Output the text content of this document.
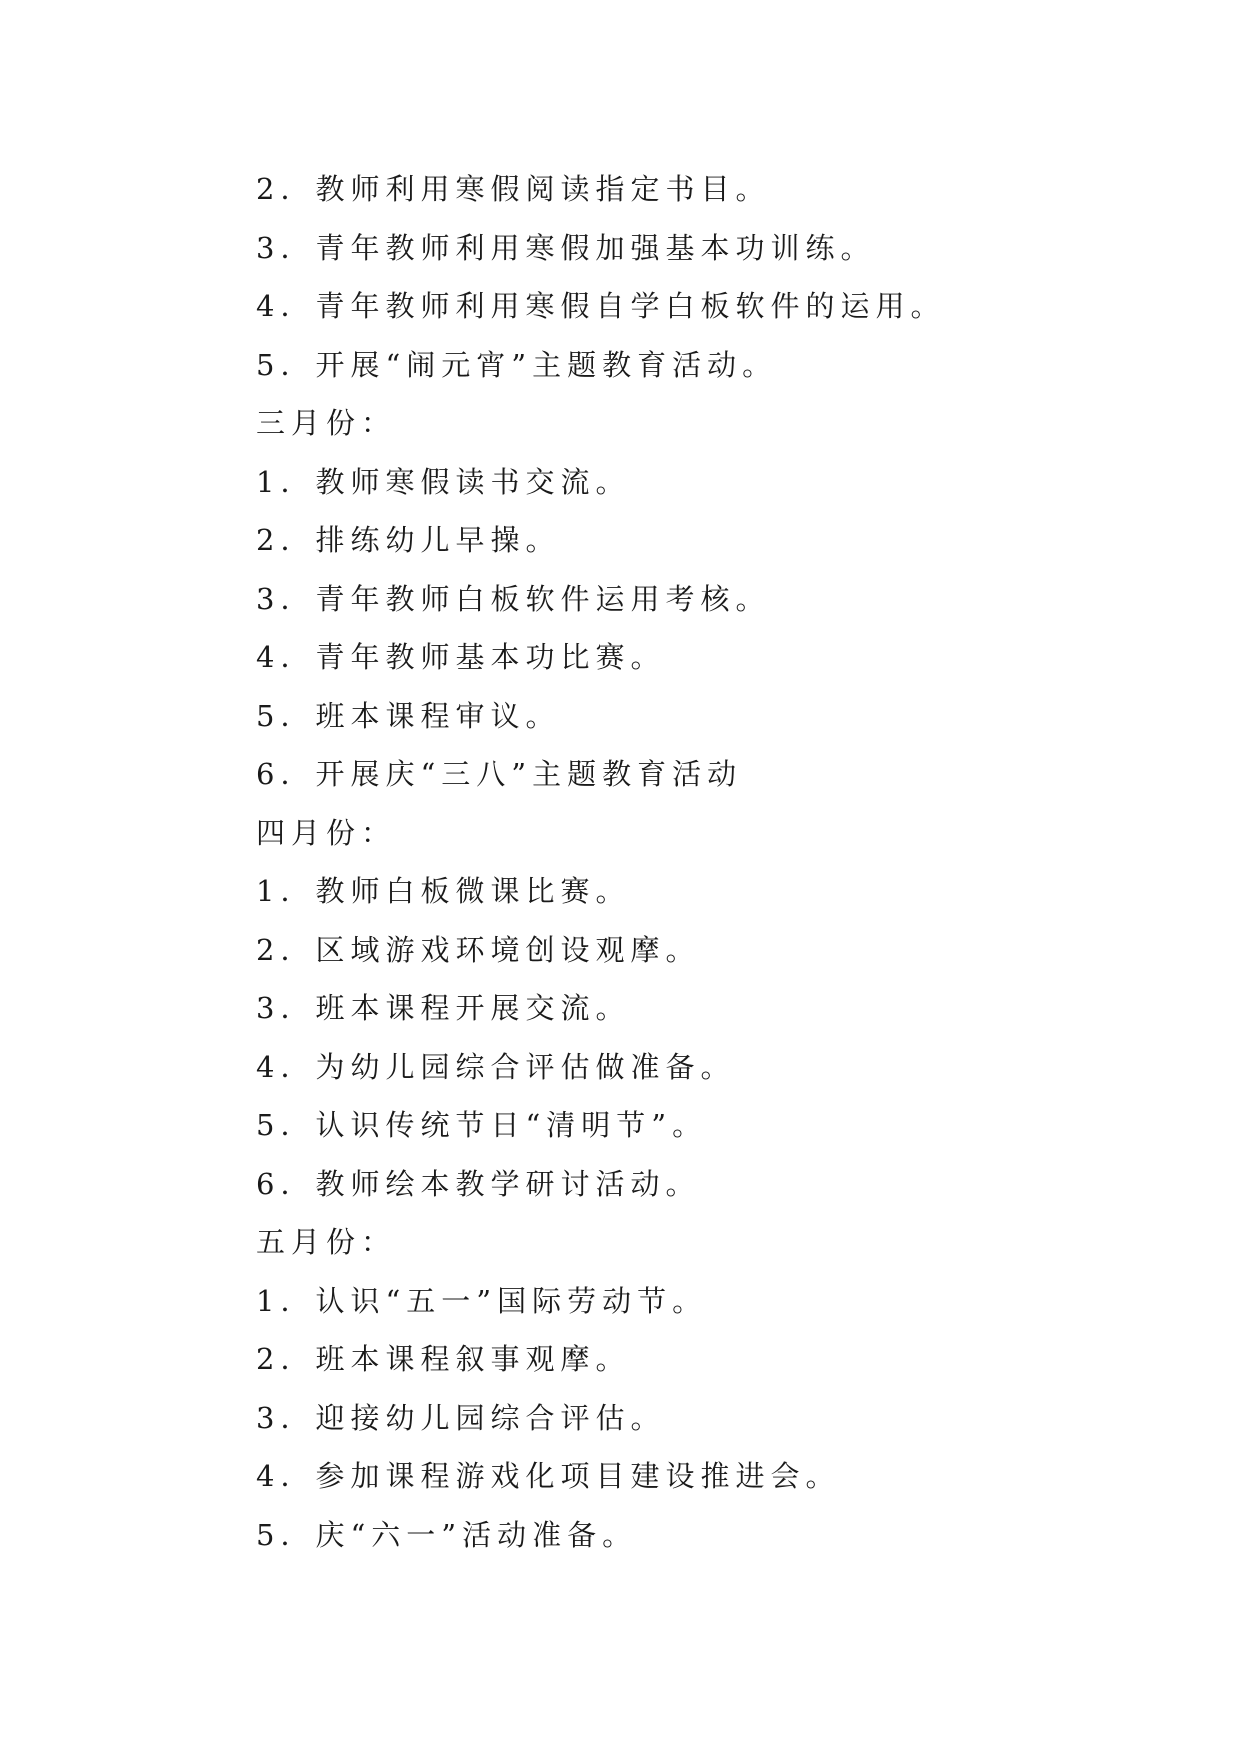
2．教师利用寒假阅读指定书目。
3．青年教师利用寒假加强基本功训练。
4．青年教师利用寒假自学白板软件的运用。
5．开展“闹元宵”主题教育活动。
三月份：
1．教师寒假读书交流。
2．排练幼儿早操。
3．青年教师白板软件运用考核。
4．青年教师基本功比赛。
5．班本课程审议。
6．开展庆“三八”主题教育活动
四月份：
1．教师白板微课比赛。
2．区域游戏环境创设观摩。
3．班本课程开展交流。
4．为幼儿园综合评估做准备。
5．认识传统节日“清明节”。
6．教师绘本教学研讨活动。
五月份：
1．认识“五一”国际劳动节。
2．班本课程叙事观摩。
3．迎接幼儿园综合评估。
4．参加课程游戏化项目建设推进会。
5．庆“六一”活动准备。
